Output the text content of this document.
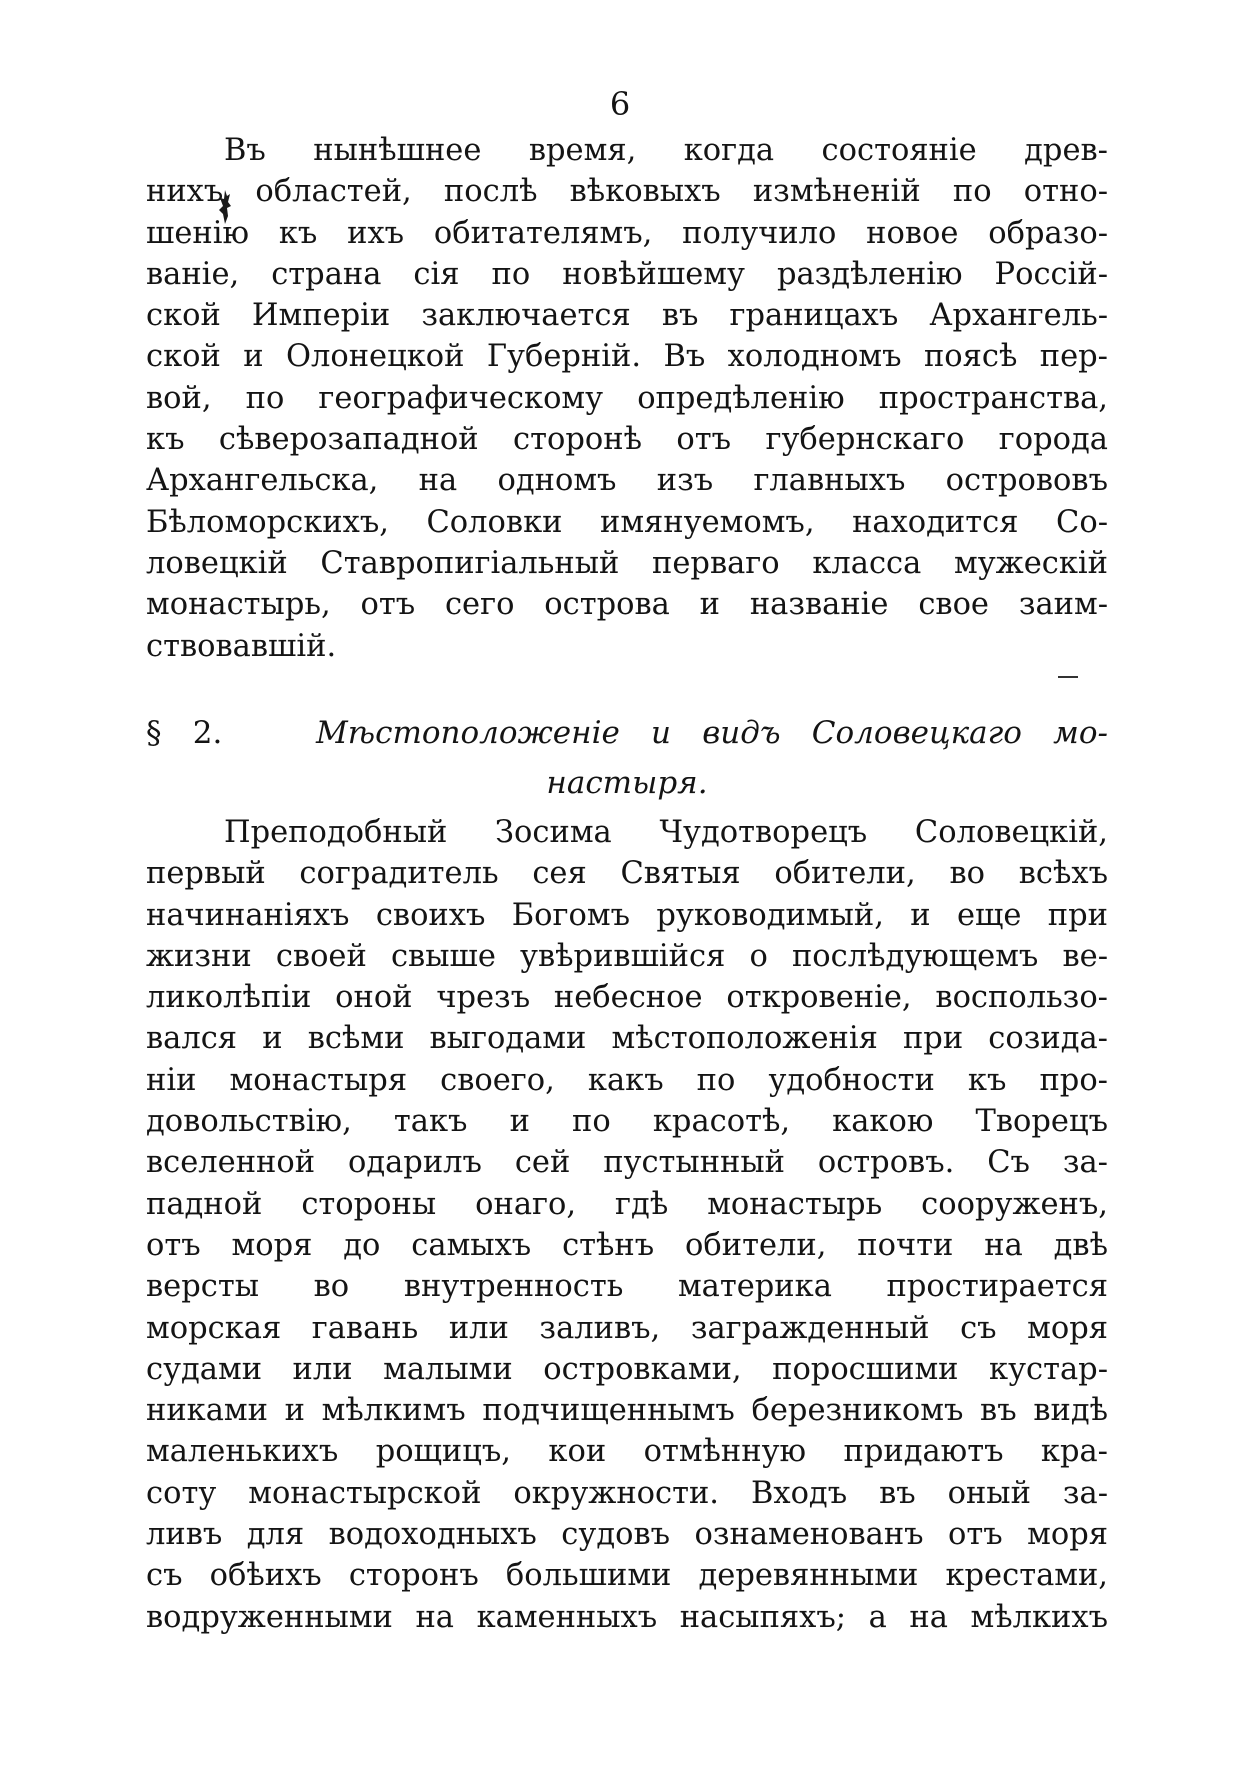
6
Въ нынѣшнее время, когда состояніе древ-
нихъ областей, послѣ вѣковыхъ измѣненій по отно-
шенію къ ихъ обитателямъ, получило новое образо-
ваніе, страна сія по новѣйшему раздѣленію Россій-
ской Имперіи заключается въ границахъ Архангель-
ской и Олонецкой Губерній. Въ холодномъ поясѣ пер-
вой, по географическому опредѣленію пространства,
къ сѣверозападной сторонѣ отъ губернскаго города
Архангельска, на одномъ изъ главныхъ острововъ
Бѣломорскихъ, Соловки имянуемомъ, находится Со-
ловецкій Ставропигіальный перваго класса мужескій
монастырь, отъ сего острова и названіе свое заим-
ствовавшій.
§ 2.	Мѣстоположеніе и видъ Соловецкаго мо-
настыря.
Преподобный Зосима Чудотворецъ Соловецкій,
первый соградитель сея Святыя обители, во всѣхъ
начинаніяхъ своихъ Богомъ руководимый, и еще при
жизни своей свыше увѣрившійся о послѣдующемъ ве-
ликолѣпіи оной чрезъ небесное откровеніе, воспользо-
вался и всѣми выгодами мѣстоположенія при созида-
ніи монастыря своего, какъ по удобности къ про-
довольствію, такъ и по красотѣ, какою Творецъ
вселенной одарилъ сей пустынный островъ. Съ за-
падной стороны онаго, гдѣ монастырь сооруженъ,
отъ моря до самыхъ стѣнъ обители, почти на двѣ
версты во внутренность материка простирается
морская гавань или заливъ, загражденный съ моря
судами или малыми островками, поросшими кустар-
никами и мѣлкимъ подчищеннымъ березникомъ въ видѣ
маленькихъ рощицъ, кои отмѣнную придаютъ кра-
соту монастырской окружности. Входъ въ оный за-
ливъ для водоходныхъ судовъ ознаменованъ отъ моря
съ обѣихъ сторонъ большими деревянными крестами,
водруженными на каменныхъ насыпяхъ; а на мѣлкихъ
